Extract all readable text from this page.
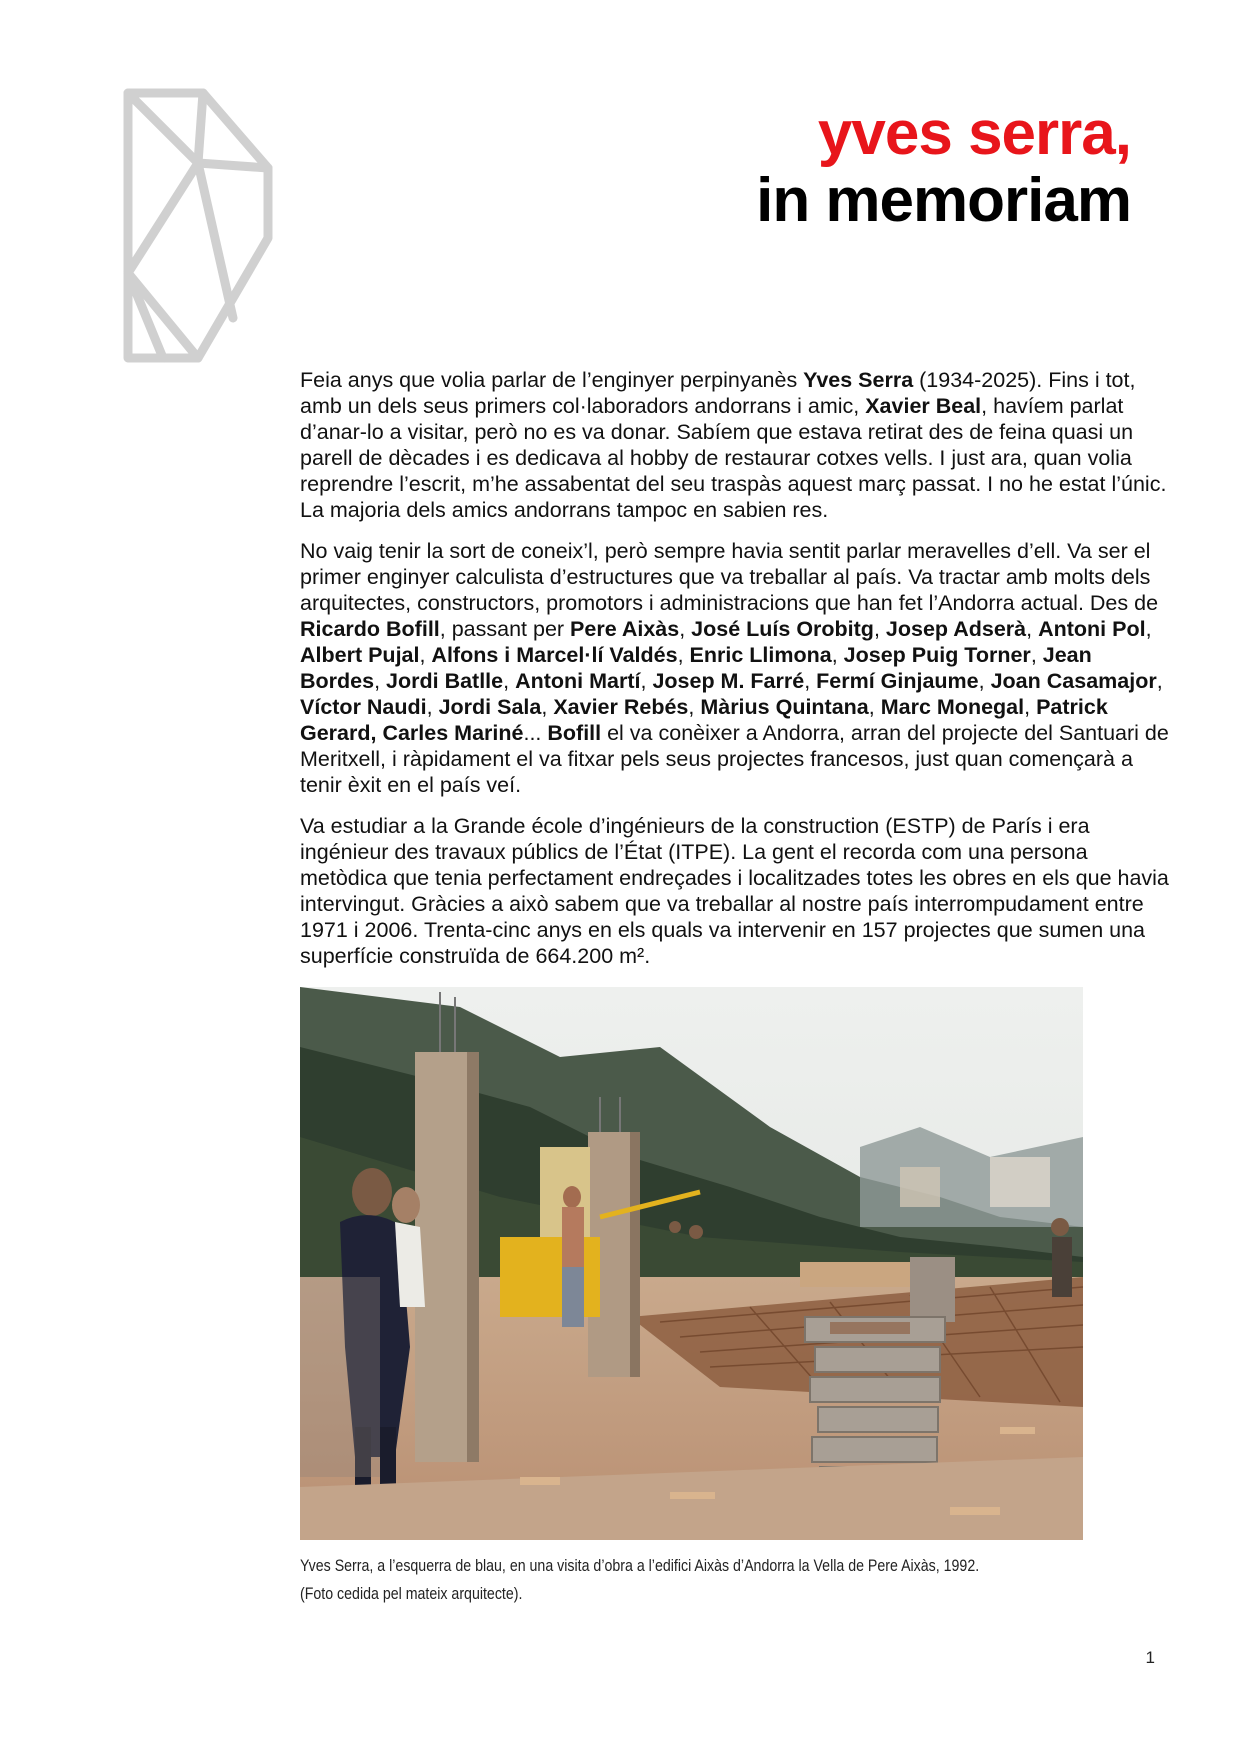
yves serra,
in memoriam

Feia anys que volia parlar de l’enginyer perpinyanès Yves Serra (1934-2025). Fins i tot, amb un dels seus primers col·laboradors andorrans i amic, Xavier Beal, havíem parlat d’anar-lo a visitar, però no es va donar. Sabíem que estava retirat des de feina quasi un parell de dècades i es dedicava al hobby de restaurar cotxes vells. I just ara, quan volia reprendre l’escrit, m’he assabentat del seu traspàs aquest març passat. I no he estat l’únic. La majoria dels amics andorrans tampoc en sabien res.

No vaig tenir la sort de coneix’l, però sempre havia sentit parlar meravelles d’ell. Va ser el primer enginyer calculista d’estructures que va treballar al país. Va tractar amb molts dels arquitectes, constructors, promotors i administracions que han fet l’Andorra actual. Des de Ricardo Bofill, passant per Pere Aixàs, José Luís Orobitg, Josep Adserà, Antoni Pol, Albert Pujal, Alfons i Marcel·lí Valdés, Enric Llimona, Josep Puig Torner, Jean Bordes, Jordi Batlle, Antoni Martí, Josep M. Farré, Fermí Ginjaume, Joan Casamajor, Víctor Naudi, Jordi Sala, Xavier Rebés, Màrius Quintana, Marc Monegal, Patrick Gerard, Carles Mariné... Bofill el va conèixer a Andorra, arran del projecte del Santuari de Meritxell, i ràpidament el va fitxar pels seus projectes francesos, just quan començarà a tenir èxit en el país veí.

Va estudiar a la Grande école d’ingénieurs de la construction (ESTP) de París i era ingénieur des travaux públics de l’État (ITPE). La gent el recorda com una persona metòdica que tenia perfectament endreçades i localitzades totes les obres en els que havia intervingut. Gràcies a això sabem que va treballar al nostre país interrompudament entre 1971 i 2006. Trenta-cinc anys en els quals va intervenir en 157 projectes que sumen una superfície construïda de 664.200 m².

Yves Serra, a l’esquerra de blau, en una visita d’obra a l’edifici Aixàs d’Andorra la Vella de Pere Aixàs, 1992.
(Foto cedida pel mateix arquitecte).
1
